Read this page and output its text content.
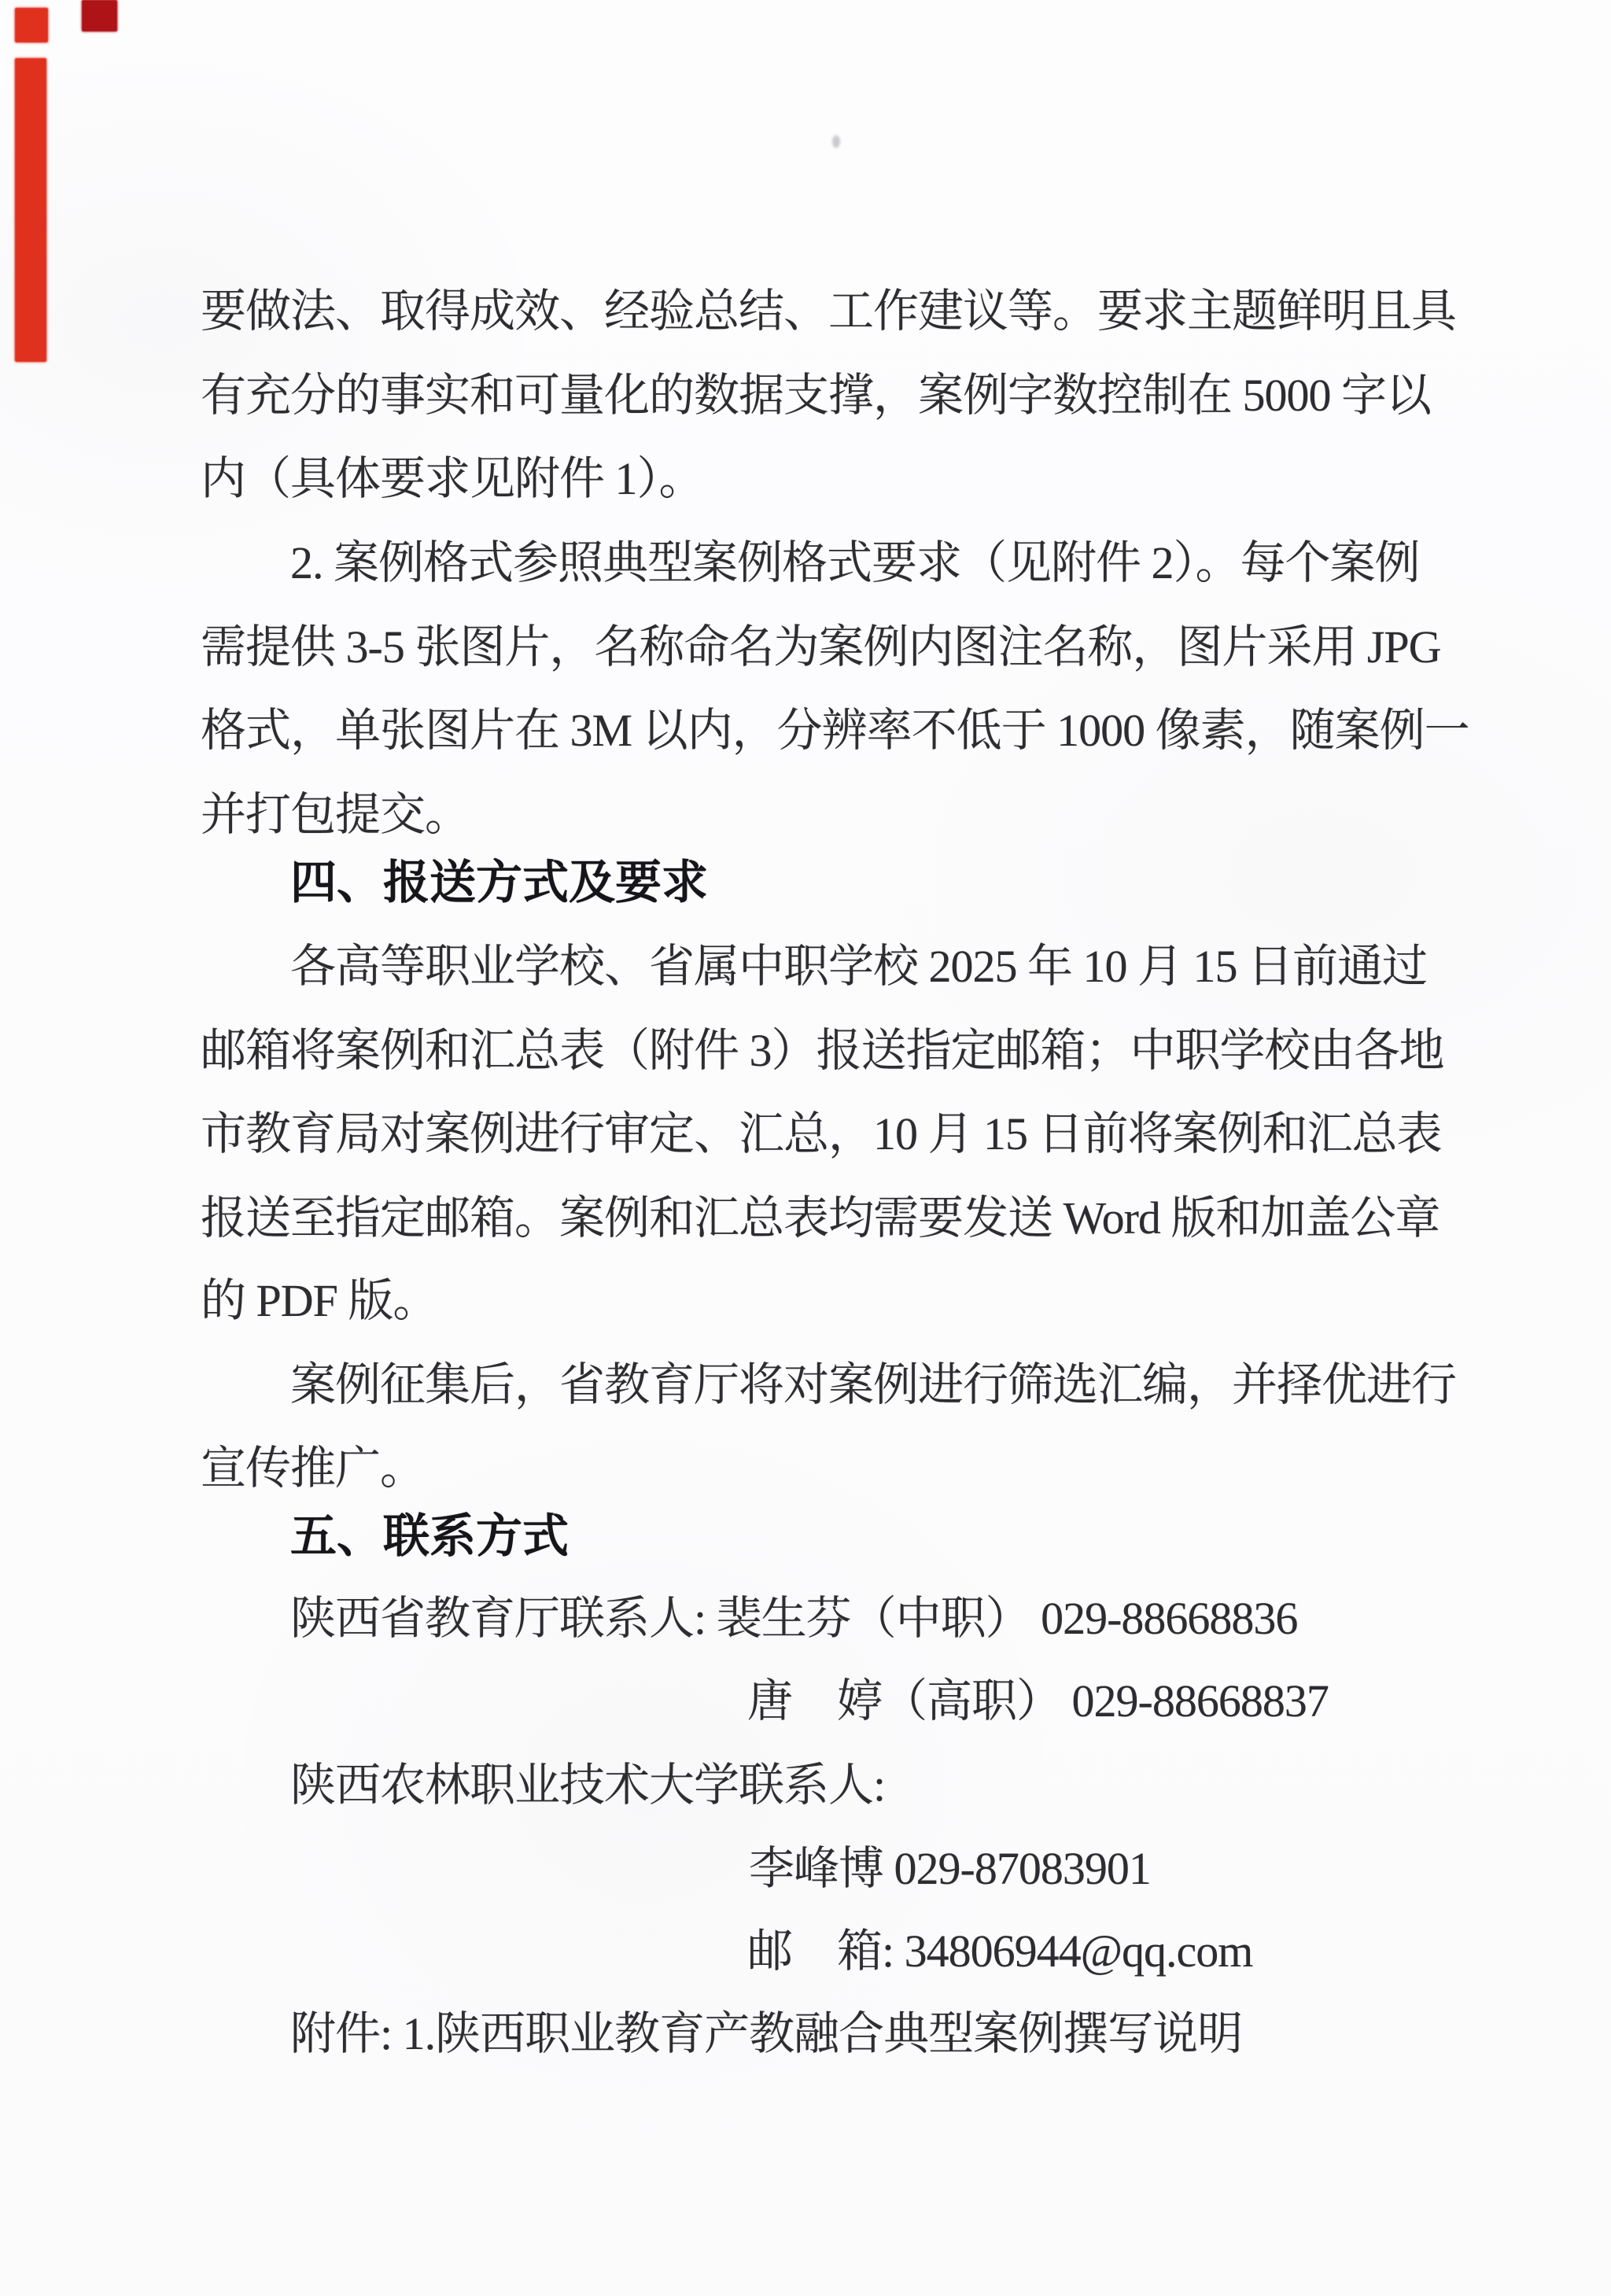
要做法、取得成效、经验总结、工作建议等。要求主题鲜明且具
有充分的事实和可量化的数据支撑，案例字数控制在 5000 字以
内（具体要求见附件 1）。
2. 案例格式参照典型案例格式要求（见附件 2）。每个案例
需提供 3-5 张图片，名称命名为案例内图注名称，图片采用 JPG
格式，单张图片在 3M 以内，分辨率不低于 1000 像素，随案例一
并打包提交。
四、报送方式及要求
各高等职业学校、省属中职学校 2025 年 10 月 15 日前通过
邮箱将案例和汇总表（附件 3）报送指定邮箱；中职学校由各地
市教育局对案例进行审定、汇总，10 月 15 日前将案例和汇总表
报送至指定邮箱。案例和汇总表均需要发送 Word 版和加盖公章
的 PDF 版。
案例征集后，省教育厅将对案例进行筛选汇编，并择优进行
宣传推广。
五、联系方式
陕西省教育厅联系人: 裴生芬（中职） 029-88668836
唐　婷（高职） 029-88668837
陕西农林职业技术大学联系人:
李峰博 029-87083901
邮　箱: 34806944@qq.com
附件: 1.陕西职业教育产教融合典型案例撰写说明
